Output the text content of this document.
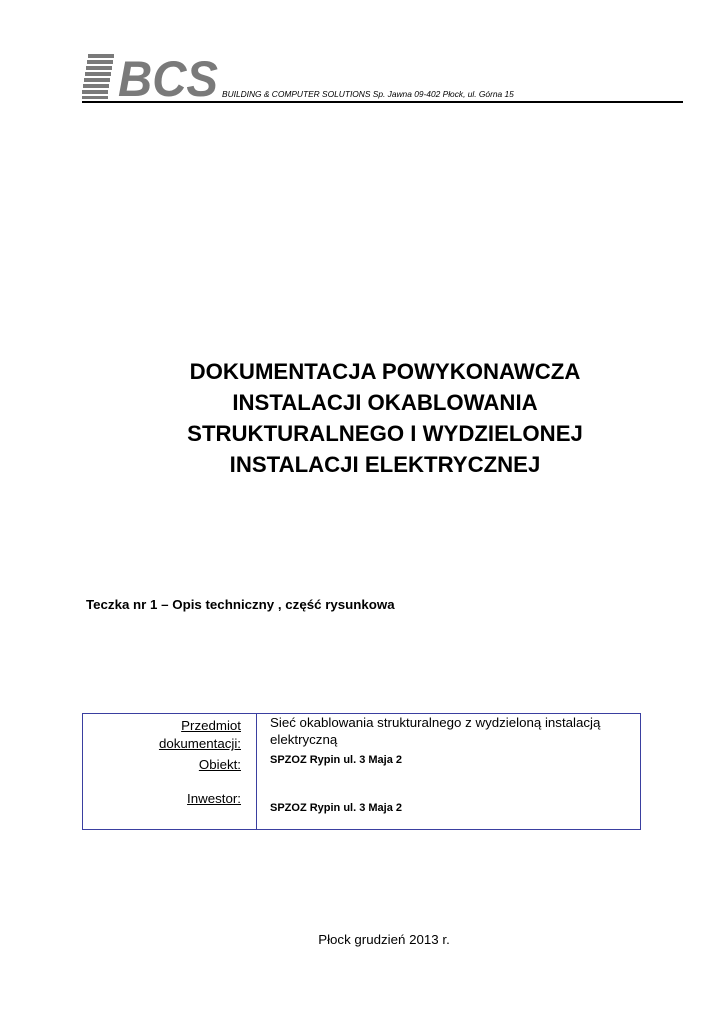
BCS BUILDING & COMPUTER SOLUTIONS Sp. Jawna 09-402 Płock, ul. Górna 15
DOKUMENTACJA POWYKONAWCZA
INSTALACJI OKABLOWANIA
STRUKTURALNEGO I WYDZIELONEJ
INSTALACJI ELEKTRYCZNEJ
Teczka nr 1 – Opis techniczny , część rysunkowa
Przedmiot
dokumentacji:
Sieć okablowania strukturalnego z wydzieloną instalacją
elektryczną
Obiekt:	SPZOZ Rypin ul. 3 Maja 2
Inwestor:
SPZOZ Rypin ul. 3 Maja 2
Płock grudzień 2013 r.
